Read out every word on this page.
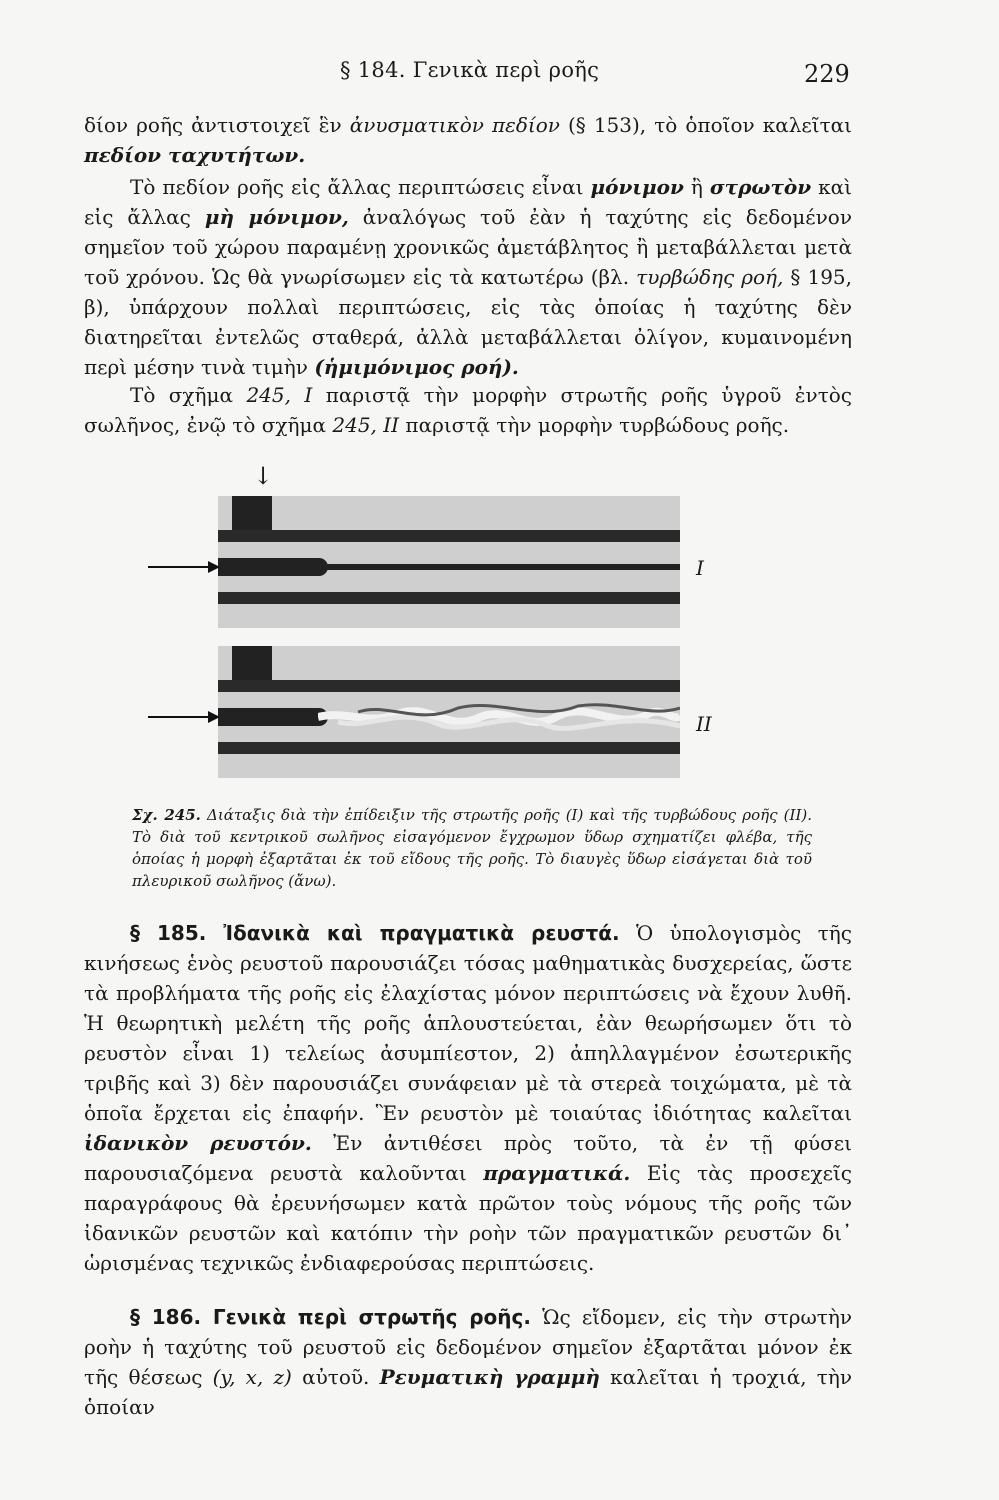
§ 184. Γενικὰ περὶ ροῆς	229

δίον ροῆς ἀντιστοιχεῖ ἓν ἀνυσματικὸν πεδίον (§ 153), τὸ ὁποῖον καλεῖται πεδίον ταχυτήτων.

Τὸ πεδίον ροῆς εἰς ἄλλας περιπτώσεις εἶναι μόνιμον ἢ στρωτὸν καὶ εἰς ἄλλας μὴ μόνιμον, ἀναλόγως τοῦ ἐὰν ἡ ταχύτης εἰς δεδομένον σημεῖον τοῦ χώρου παραμένῃ χρονικῶς ἀμετάβλητος ἢ μεταβάλλεται μετὰ τοῦ χρόνου. Ὡς θὰ γνωρίσωμεν εἰς τὰ κατωτέρω (βλ. τυρβώδης ροή, § 195, β), ὑπάρχουν πολλαὶ περιπτώσεις, εἰς τὰς ὁποίας ἡ ταχύτης δὲν διατηρεῖται ἐντελῶς σταθερά, ἀλλὰ μεταβάλλεται ὀλίγον, κυμαινομένη περὶ μέσην τινὰ τιμὴν (ἡμιμόνιμος ροή).

Τὸ σχῆμα 245, I παριστᾷ τὴν μορφὴν στρωτῆς ροῆς ὑγροῦ ἐντὸς σωλῆνος, ἐνῷ τὸ σχῆμα 245, II παριστᾷ τὴν μορφὴν τυρβώδους ροῆς.

↓
I
II

Σχ. 245. Διάταξις διὰ τὴν ἐπίδειξιν τῆς στρωτῆς ροῆς (I) καὶ τῆς τυρβώδους ροῆς (II). Τὸ διὰ τοῦ κεντρικοῦ σωλῆνος εἰσαγόμενον ἔγχρωμον ὕδωρ σχηματίζει φλέβα, τῆς ὁποίας ἡ μορφὴ ἐξαρτᾶται ἐκ τοῦ εἴδους τῆς ροῆς. Τὸ διαυγὲς ὕδωρ εἰσάγεται διὰ τοῦ πλευρικοῦ σωλῆνος (ἄνω).

§ 185. Ἰδανικὰ καὶ πραγματικὰ ρευστά. Ὁ ὑπολογισμὸς τῆς κινήσεως ἑνὸς ρευστοῦ παρουσιάζει τόσας μαθηματικὰς δυσχερείας, ὥστε τὰ προβλήματα τῆς ροῆς εἰς ἐλαχίστας μόνον περιπτώσεις νὰ ἔχουν λυθῆ. Ἡ θεωρητικὴ μελέτη τῆς ροῆς ἁπλουστεύεται, ἐὰν θεωρήσωμεν ὅτι τὸ ρευστὸν εἶναι 1) τελείως ἀσυμπίεστον, 2) ἀπηλλαγμένον ἐσωτερικῆς τριβῆς καὶ 3) δὲν παρουσιάζει συνάφειαν μὲ τὰ στερεὰ τοιχώματα, μὲ τὰ ὁποῖα ἔρχεται εἰς ἐπαφήν. Ἓν ρευστὸν μὲ τοιαύτας ἰδιότητας καλεῖται ἰδανικὸν ρευστόν. Ἐν ἀντιθέσει πρὸς τοῦτο, τὰ ἐν τῇ φύσει παρουσιαζόμενα ρευστὰ καλοῦνται πραγματικά. Εἰς τὰς προσεχεῖς παραγράφους θὰ ἐρευνήσωμεν κατὰ πρῶτον τοὺς νόμους τῆς ροῆς τῶν ἰδανικῶν ρευστῶν καὶ κατόπιν τὴν ροὴν τῶν πραγματικῶν ρευστῶν δι᾽ ὡρισμένας τεχνικῶς ἐνδιαφερούσας περιπτώσεις.

§ 186. Γενικὰ περὶ στρωτῆς ροῆς. Ὡς εἴδομεν, εἰς τὴν στρωτὴν ροὴν ἡ ταχύτης τοῦ ρευστοῦ εἰς δεδομένον σημεῖον ἐξαρτᾶται μόνον ἐκ τῆς θέσεως (y, x, z) αὐτοῦ. Ρευματικὴ γραμμὴ καλεῖται ἡ τροχιά, τὴν ὁποίαν
